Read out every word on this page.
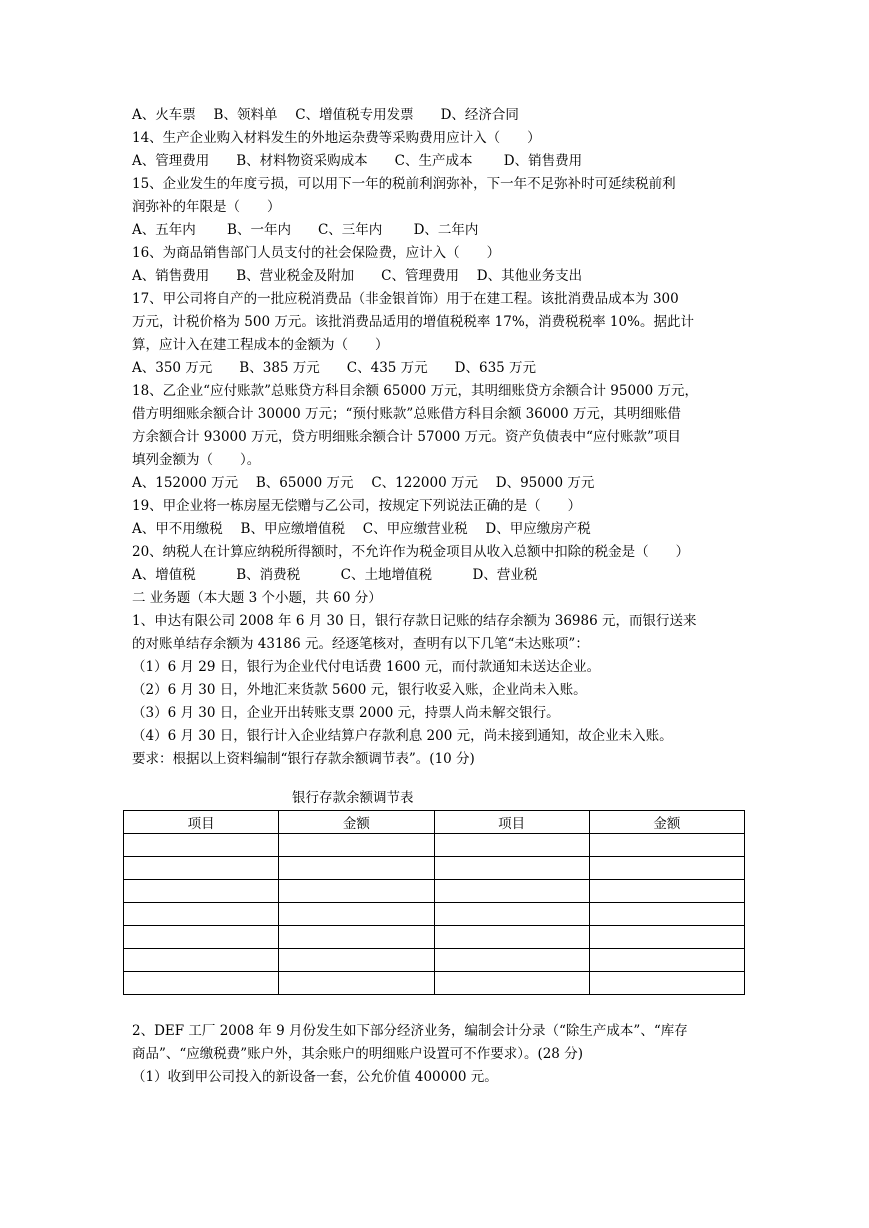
A、火车票　 B、领料单　 C、增值税专用发票　　D、经济合同
14、生产企业购入材料发生的外地运杂费等采购费用应计入（　　）
A、管理费用　　B、材料物资采购成本　　C、生产成本　　 D、销售费用
15、企业发生的年度亏损，可以用下一年的税前利润弥补，下一年不足弥补时可延续税前利
润弥补的年限是（　　）
A、五年内　　 B、一年内　　C、三年内　　 D、二年内
16、为商品销售部门人员支付的社会保险费，应计入（　　）
A、销售费用　　B、营业税金及附加　　C、管理费用　 D、其他业务支出
17、甲公司将自产的一批应税消费品（非金银首饰）用于在建工程。该批消费品成本为 300
万元，计税价格为 500 万元。该批消费品适用的增值税税率 17%，消费税税率 10%。据此计
算，应计入在建工程成本的金额为（　　）
A、350 万元　　B、385 万元　　C、435 万元　　D、635 万元
18、乙企业“应付账款”总账贷方科目余额 65000 万元，其明细账贷方余额合计 95000 万元，
借方明细账余额合计 30000 万元；“预付账款”总账借方科目余额 36000 万元，其明细账借
方余额合计 93000 万元，贷方明细账余额合计 57000 万元。资产负债表中“应付账款”项目
填列金额为（　　）。
A、152000 万元　 B、65000 万元　 C、122000 万元　 D、95000 万元
19、甲企业将一栋房屋无偿赠与乙公司，按规定下列说法正确的是（　　）
A、甲不用缴税　 B、甲应缴增值税　 C、甲应缴营业税　 D、甲应缴房产税
20、纳税人在计算应纳税所得额时，不允许作为税金项目从收入总额中扣除的税金是（　　）
A、增值税　　　B、消费税　　　C、土地增值税　　　D、营业税
二 业务题（本大题 3 个小题，共 60 分）
1、申达有限公司 2008 年 6 月 30 日，银行存款日记账的结存余额为 36986 元，而银行送来
的对账单结存余额为 43186 元。经逐笔核对，查明有以下几笔“未达账项”：
（1）6 月 29 日，银行为企业代付电话费 1600 元，而付款通知未送达企业。
（2）6 月 30 日，外地汇来货款 5600 元，银行收妥入账，企业尚未入账。
（3）6 月 30 日，企业开出转账支票 2000 元，持票人尚未解交银行。
（4）6 月 30 日，银行计入企业结算户存款利息 200 元，尚未接到通知，故企业未入账。
要求：根据以上资料编制“银行存款余额调节表”。(10 分)
银行存款余额调节表
项目	金额	项目	金额

2、DEF 工厂 2008 年 9 月份发生如下部分经济业务，编制会计分录（“除生产成本”、“库存
商品”、“应缴税费”账户外，其余账户的明细账户设置可不作要求）。(28 分)
（1）收到甲公司投入的新设备一套，公允价值 400000 元。
